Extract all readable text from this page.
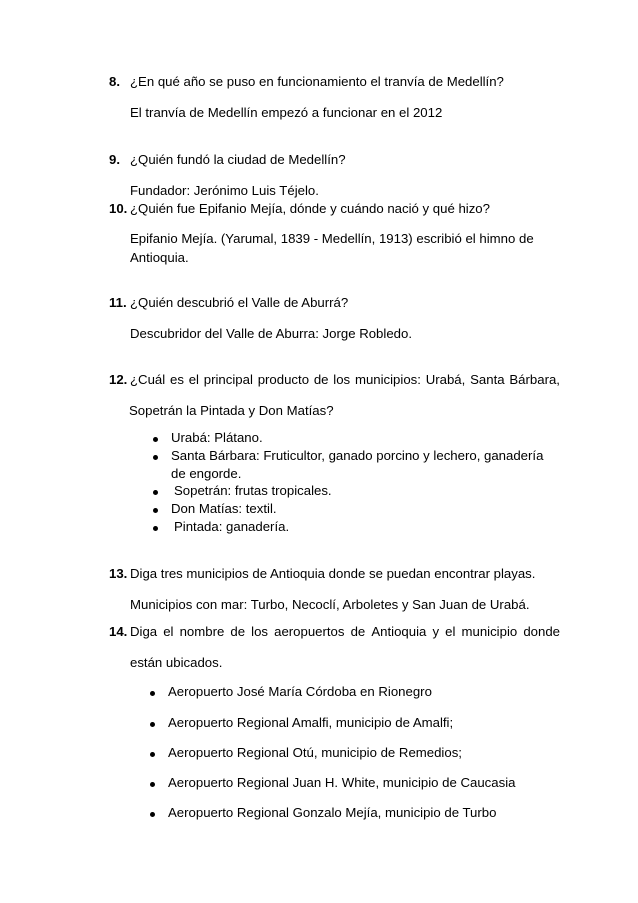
8. ¿En qué año se puso en funcionamiento el tranvía de Medellín?
El tranvía de Medellín empezó a funcionar en el 2012
9. ¿Quién fundó la ciudad de Medellín?
Fundador: Jerónimo Luis Téjelo.
10. ¿Quién fue Epifanio Mejía, dónde y cuándo nació y qué hizo?
Epifanio Mejía. (Yarumal, 1839 - Medellín, 1913) escribió el himno de
Antioquia.
11. ¿Quién descubrió el Valle de Aburrá?
Descubridor del Valle de Aburra: Jorge Robledo.
12. ¿Cuál es el principal producto de los municipios: Urabá, Santa Bárbara,
Sopetrán la Pintada y Don Matías?
Urabá: Plátano.
Santa Bárbara: Fruticultor, ganado porcino y lechero, ganadería
de engorde.
Sopetrán: frutas tropicales.
Don Matías: textil.
Pintada: ganadería.
13. Diga tres municipios de Antioquia donde se puedan encontrar playas.
Municipios con mar: Turbo, Necoclí, Arboletes y San Juan de Urabá.
14. Diga el nombre de los aeropuertos de Antioquia y el municipio donde
están ubicados.
Aeropuerto José María Córdoba en Rionegro
Aeropuerto Regional Amalfi, municipio de Amalfi;
Aeropuerto Regional Otú, municipio de Remedios;
Aeropuerto Regional Juan H. White, municipio de Caucasia
Aeropuerto Regional Gonzalo Mejía, municipio de Turbo
